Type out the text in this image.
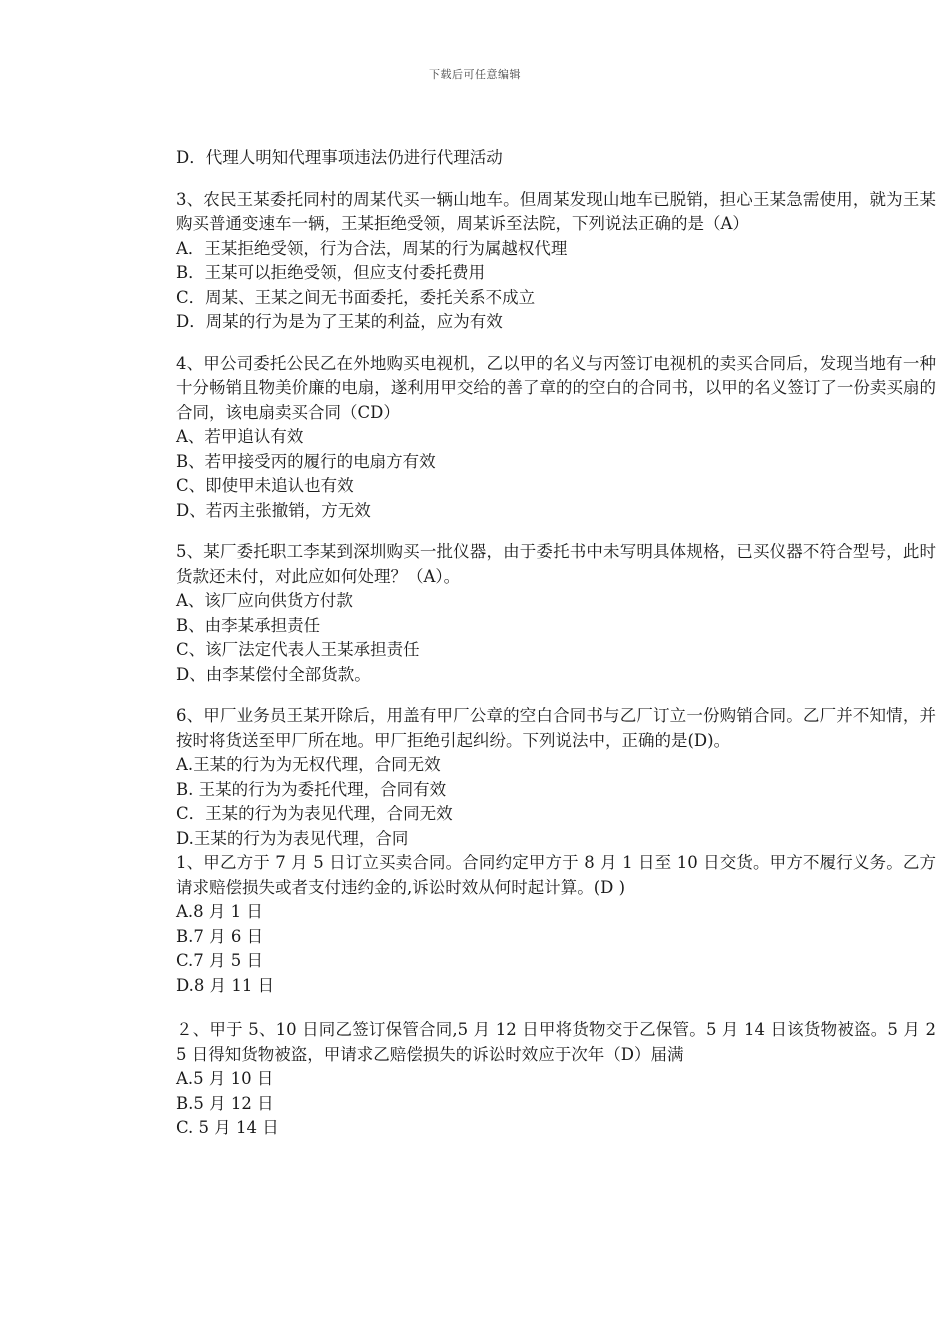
下载后可任意编辑
D．代理人明知代理事项违法仍进行代理活动
3、农民王某委托同村的周某代买一辆山地车。但周某发现山地车已脱销，担心王某急需使用，就为王某购买普通变速车一辆，王某拒绝受领，周某诉至法院，下列说法正确的是（A）
A．王某拒绝受领，行为合法，周某的行为属越权代理
B．王某可以拒绝受领，但应支付委托费用
C．周某、王某之间无书面委托，委托关系不成立
D．周某的行为是为了王某的利益，应为有效
4、甲公司委托公民乙在外地购买电视机，乙以甲的名义与丙签订电视机的卖买合同后，发现当地有一种十分畅销且物美价廉的电扇，遂利用甲交给的善了章的的空白的合同书，以甲的名义签订了一份卖买扇的合同，该电扇卖买合同（CD）
A、若甲追认有效
B、若甲接受丙的履行的电扇方有效
C、即使甲未追认也有效
D、若丙主张撤销，方无效
5、某厂委托职工李某到深圳购买一批仪器，由于委托书中未写明具体规格，已买仪器不符合型号，此时货款还未付，对此应如何处理？（A）。
A、该厂应向供货方付款
B、由李某承担责任
C、该厂法定代表人王某承担责任
D、由李某偿付全部货款。
6、甲厂业务员王某开除后，用盖有甲厂公章的空白合同书与乙厂订立一份购销合同。乙厂并不知情，并按时将货送至甲厂所在地。甲厂拒绝引起纠纷。下列说法中，正确的是(D)。
A.王某的行为为无权代理，合同无效
B. 王某的行为为委托代理，合同有效
C．王某的行为为表见代理，合同无效
D.王某的行为为表见代理，合同
1、甲乙方于 7 月 5 日订立买卖合同。合同约定甲方于 8 月 1 日至 10 日交货。甲方不履行义务。乙方请求赔偿损失或者支付违约金的,诉讼时效从何时起计算。(D )
A.8 月 1 日
B.7 月 6 日
C.7 月 5 日
D.8 月 11 日
２、甲于 5、10 日同乙签订保管合同,5 月 12 日甲将货物交于乙保管。5 月 14 日该货物被盗。5 月 25 日得知货物被盗，甲请求乙赔偿损失的诉讼时效应于次年（D）届满
A.5 月 10 日
B.5 月 12 日
C. 5 月 14 日
